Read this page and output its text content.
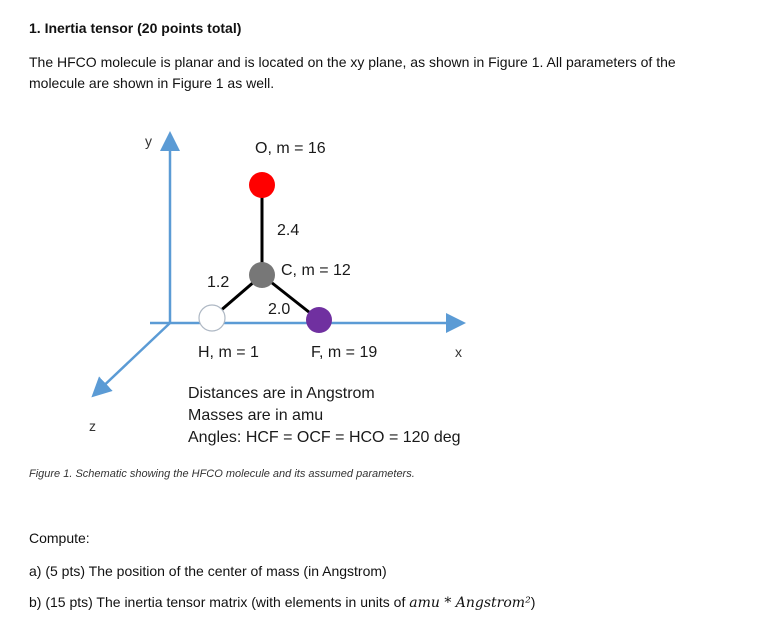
1. Inertia tensor (20 points total)
The HFCO molecule is planar and is located on the xy plane, as shown in Figure 1. All parameters of the molecule are shown in Figure 1 as well.
y
x
z
O, m = 16
C, m = 12
H, m = 1	F, m = 19
2.4
1.2
2.0
Distances are in Angstrom
Masses are in amu
Angles: HCF = OCF = HCO = 120 deg
Figure 1. Schematic showing the HFCO molecule and its assumed parameters.
Compute:
a) (5 pts) The position of the center of mass (in Angstrom)
b) (15 pts) The inertia tensor matrix (with elements in units of amu * Angstrom²)
